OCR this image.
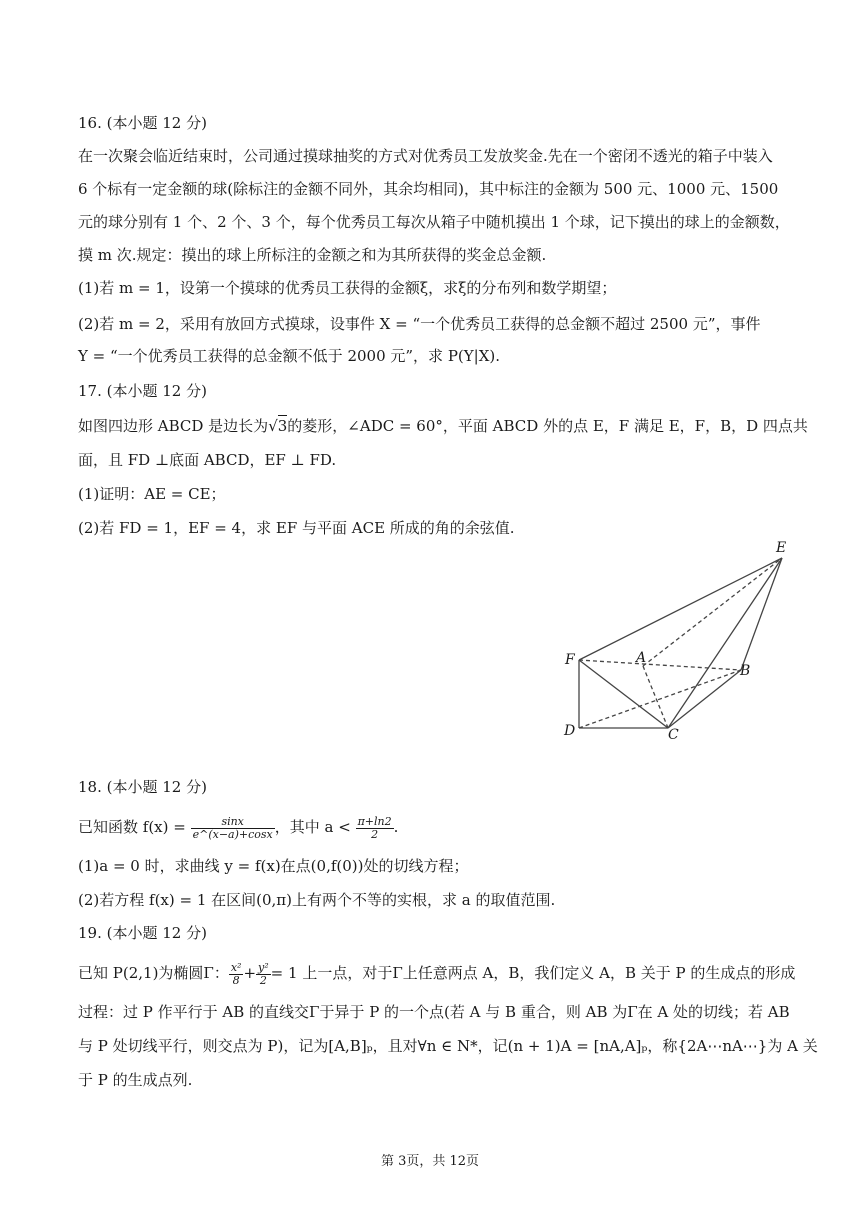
16. (本小题 12 分)
在一次聚会临近结束时，公司通过摸球抽奖的方式对优秀员工发放奖金.先在一个密闭不透光的箱子中装入
6 个标有一定金额的球(除标注的金额不同外，其余均相同)，其中标注的金额为 500 元、1000 元、1500
元的球分别有 1 个、2 个、3 个，每个优秀员工每次从箱子中随机摸出 1 个球，记下摸出的球上的金额数，
摸 m 次.规定：摸出的球上所标注的金额之和为其所获得的奖金总金额.
(1)若 m = 1，设第一个摸球的优秀员工获得的金额ξ，求ξ的分布列和数学期望；
(2)若 m = 2，采用有放回方式摸球，设事件 X = “一个优秀员工获得的总金额不超过 2500 元”，事件
Y = “一个优秀员工获得的总金额不低于 2000 元”，求 P(Y|X).
17. (本小题 12 分)
如图四边形 ABCD 是边长为√3的菱形，∠ADC = 60°，平面 ABCD 外的点 E，F 满足 E，F，B，D 四点共
面，且 FD ⊥底面 ABCD，EF ⊥ FD.
(1)证明：AE = CE；
(2)若 FD = 1，EF = 4，求 EF 与平面 ACE 所成的角的余弦值.
E
F	A
B
D	C
18. (本小题 12 分)
已知函数 $f(x) = \frac{\sin x}{e\^{}(x-a)+\cos x}$ ，其中 $a < \frac{\pi+\ln 2}{2}$ .
(1)a = 0 时，求曲线 y = f(x)在点(0,f(0))处的切线方程；
(2)若方程 f(x) = 1 在区间(0,π)上有两个不等的实根，求 a 的取值范围.
19. (本小题 12 分)
已知 P(2,1)为椭圆Γ： $\frac{\text{x²}}{8} + \frac{\text{y²}}{2} = 1$ 上一点，对于Γ上任意两点 A，B，我们定义 A，B 关于 P 的生成点的形成
过程：过 P 作平行于 AB 的直线交Γ于异于 P 的一个点(若 A 与 B 重合，则 AB 为Γ在 A 处的切线；若 AB
与 P 处切线平行，则交点为 P)，记为[A,B]ₚ，且对∀n ∈ N*，记(n + 1)A = [nA,A]ₚ，称{2A⋯nA⋯}为 A 关
于 P 的生成点列.
第 3页，共 12页
